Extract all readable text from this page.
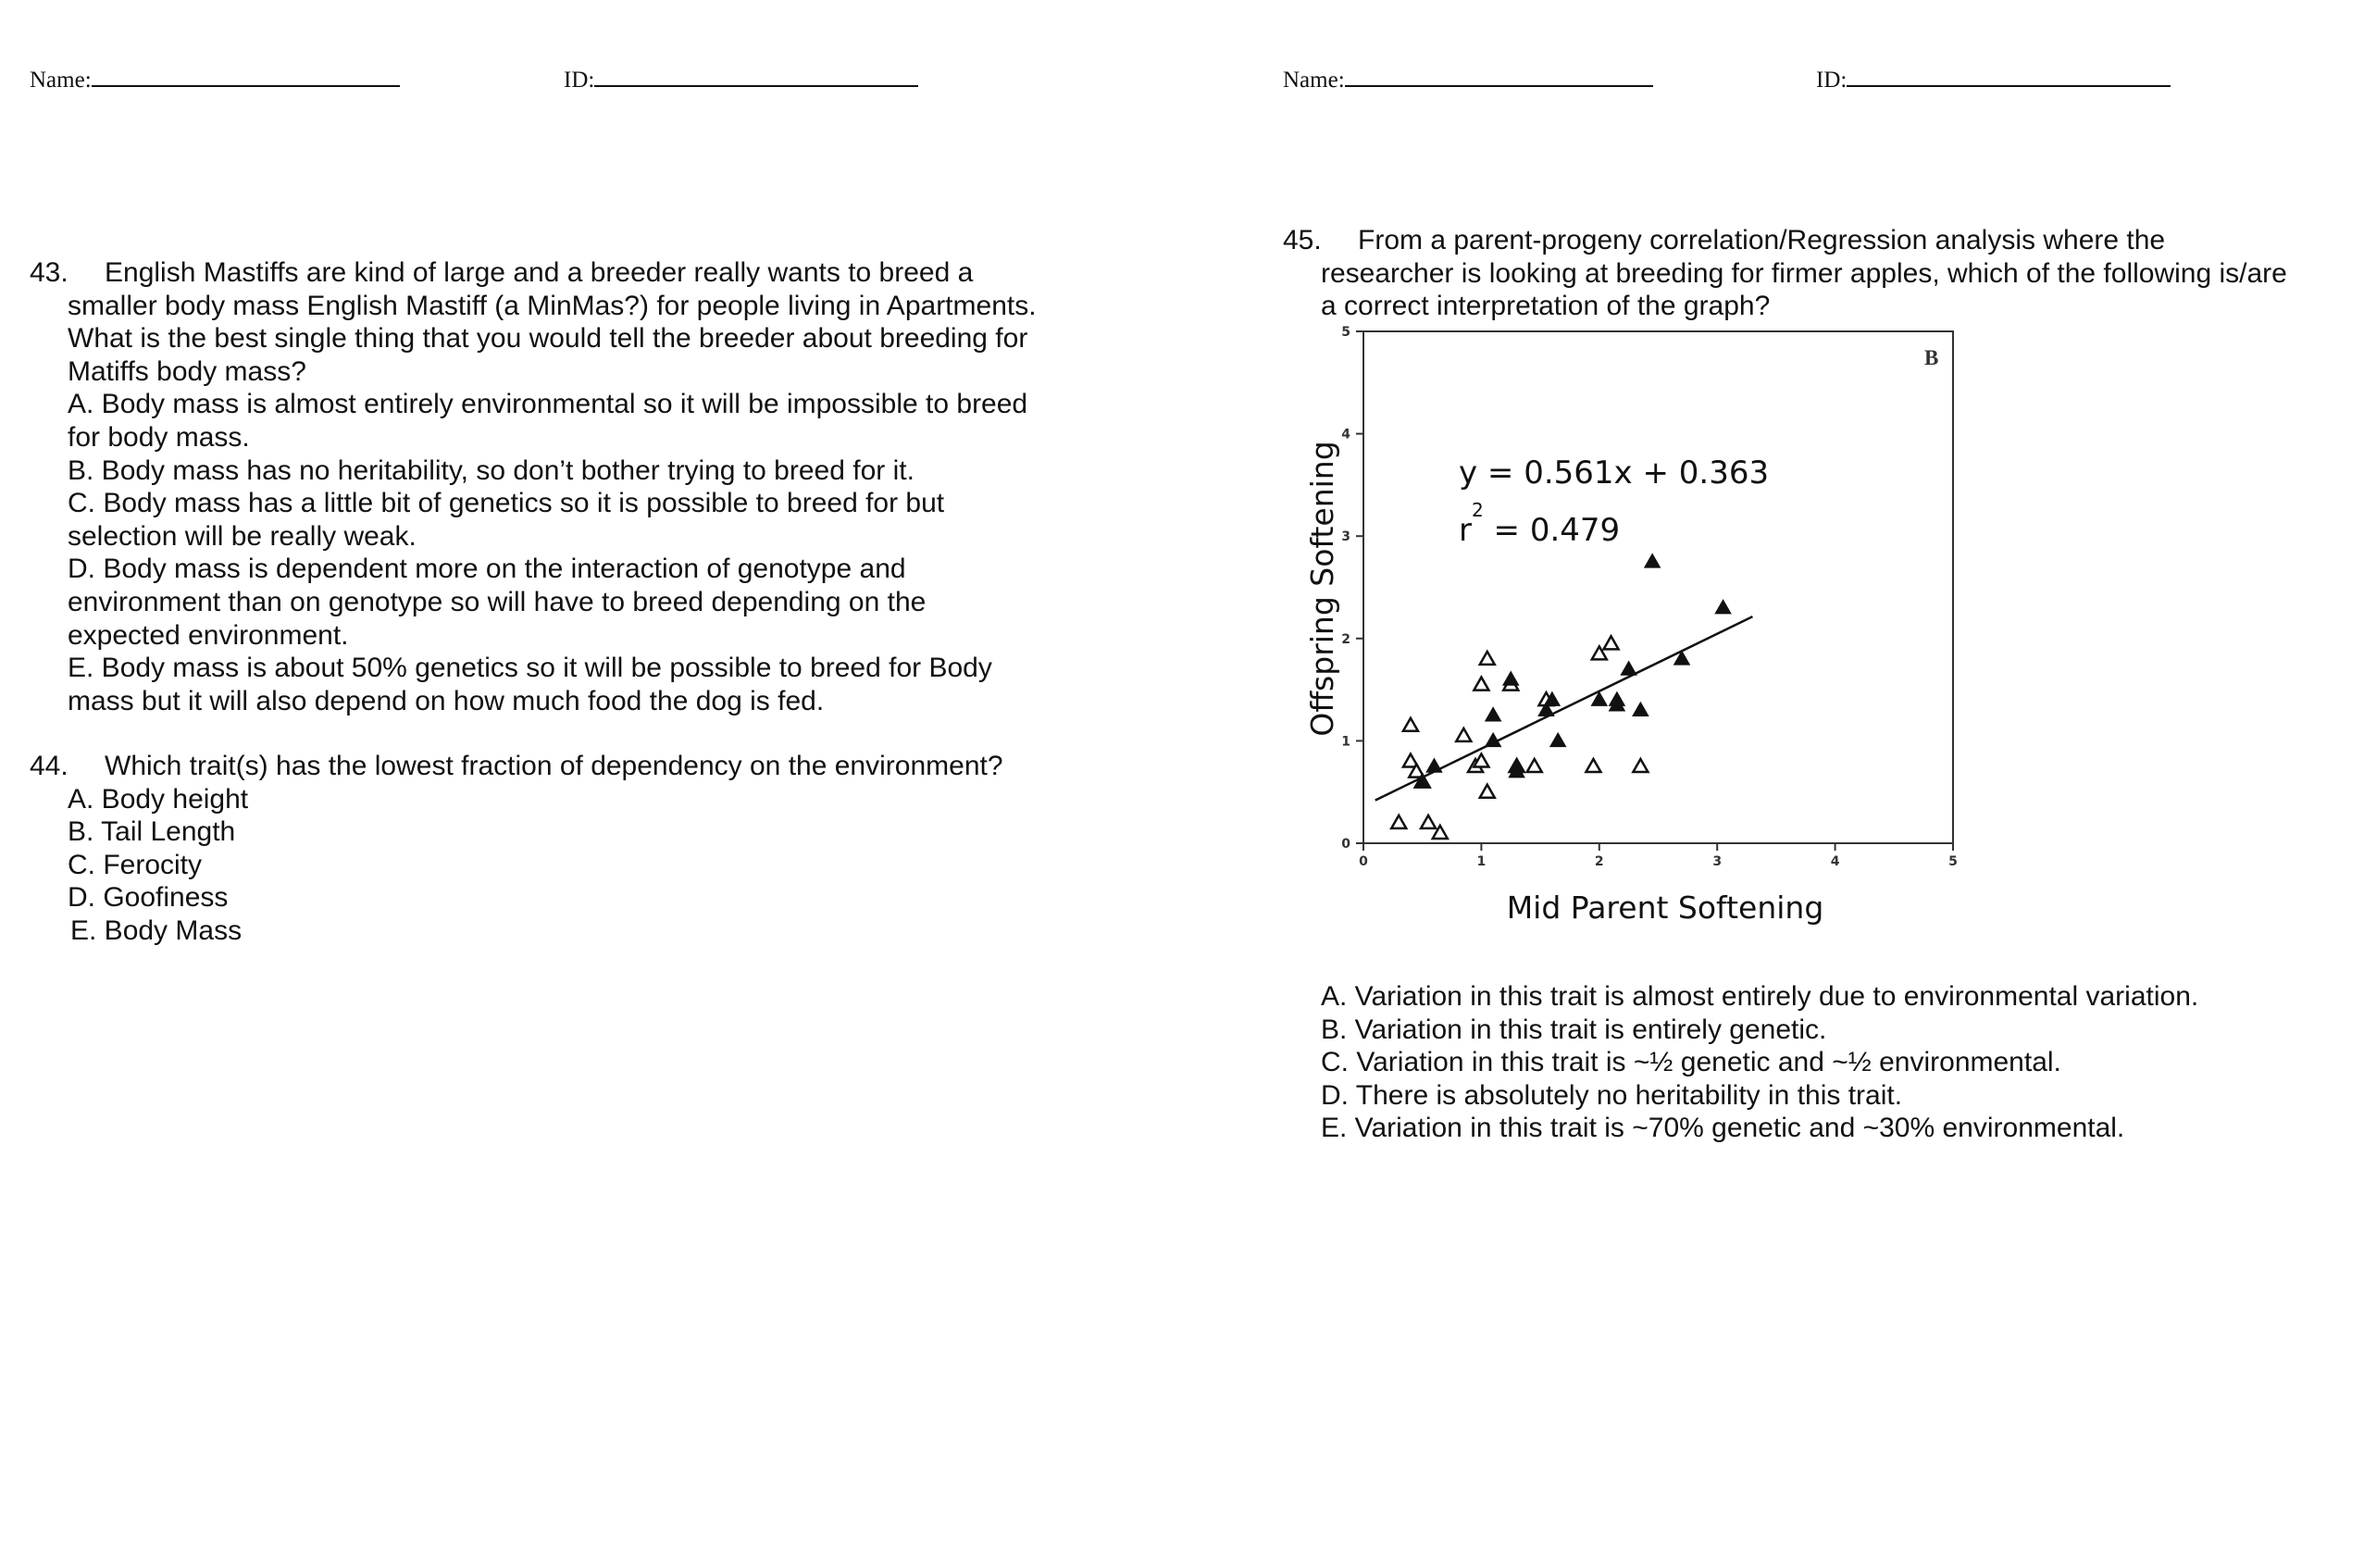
Name:	ID:	Name:	ID:
43. English Mastiffs are kind of large and a breeder really wants to breed a
smaller body mass English Mastiff (a MinMas?) for people living in Apartments.
What is the best single thing that you would tell the breeder about breeding for
Matiffs body mass?
A. Body mass is almost entirely environmental so it will be impossible to breed
for body mass.
B. Body mass has no heritability, so don’t bother trying to breed for it.
C. Body mass has a little bit of genetics so it is possible to breed for but
selection will be really weak.
D. Body mass is dependent more on the interaction of genotype and
environment than on genotype so will have to breed depending on the
expected environment.
E. Body mass is about 50% genetics so it will be possible to breed for Body
mass but it will also depend on how much food the dog is fed.
44. Which trait(s) has the lowest fraction of dependency on the environment?
A. Body height
B. Tail Length
C. Ferocity
D. Goofiness
E. Body Mass
45. From a parent-progeny correlation/Regression analysis where the
researcher is looking at breeding for firmer apples, which of the following is/are
a correct interpretation of the graph?
0
1
2
3
4
5
0	1	2	3	4	5
B
y = 0.561x + 0.363
$r^2 = 0.479$
Offspring Softening
Mid Parent Softening
A. Variation in this trait is almost entirely due to environmental variation.
B. Variation in this trait is entirely genetic.
C. Variation in this trait is ~½ genetic and ~½ environmental.
D. There is absolutely no heritability in this trait.
E. Variation in this trait is ~70% genetic and ~30% environmental.
